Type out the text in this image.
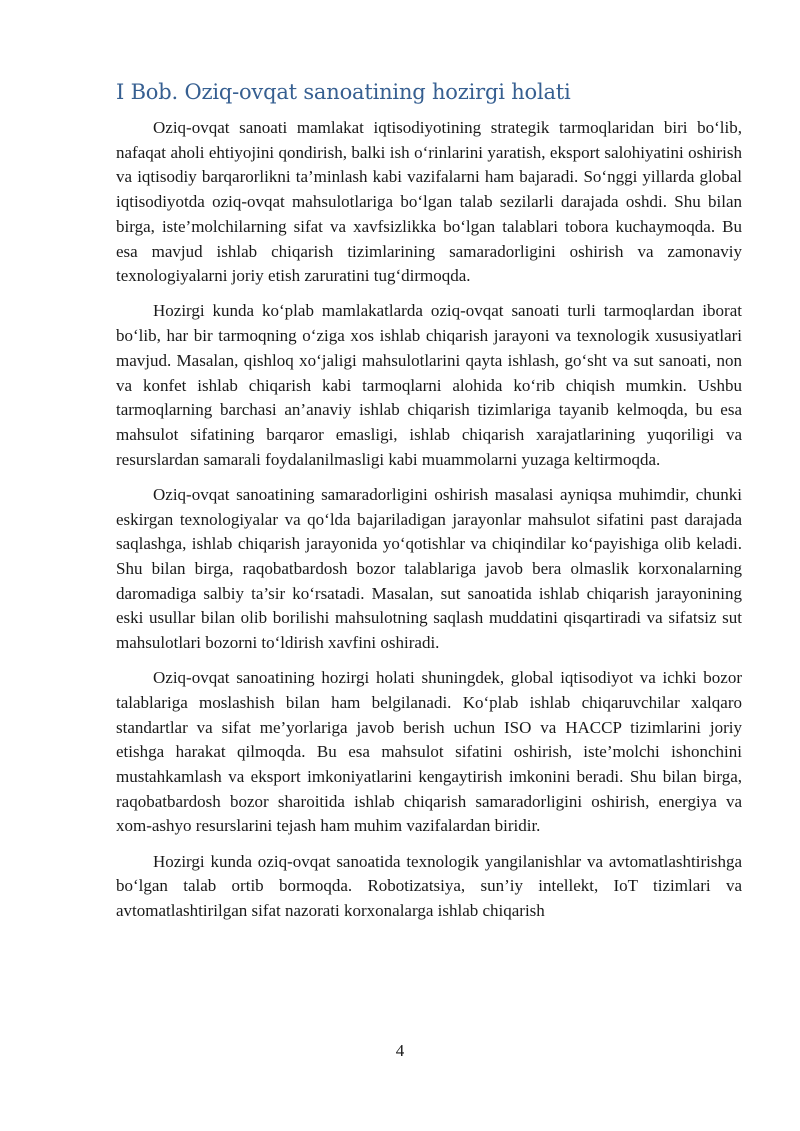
I Bob. Oziq-ovqat sanoatining hozirgi holati

Oziq-ovqat sanoati mamlakat iqtisodiyotining strategik tarmoqlaridan biri bo‘lib, nafaqat aholi ehtiyojini qondirish, balki ish o‘rinlarini yaratish, eksport salohiyatini oshirish va iqtisodiy barqarorlikni ta’minlash kabi vazifalarni ham bajaradi. So‘nggi yillarda global iqtisodiyotda oziq-ovqat mahsulotlariga bo‘lgan talab sezilarli darajada oshdi. Shu bilan birga, iste’molchilarning sifat va xavfsizlikka bo‘lgan talablari tobora kuchaymoqda. Bu esa mavjud ishlab chiqarish tizimlarining samaradorligini oshirish va zamonaviy texnologiyalarni joriy etish zaruratini tug‘dirmoqda.

Hozirgi kunda ko‘plab mamlakatlarda oziq-ovqat sanoati turli tarmoqlardan iborat bo‘lib, har bir tarmoqning o‘ziga xos ishlab chiqarish jarayoni va texnologik xususiyatlari mavjud. Masalan, qishloq xo‘jaligi mahsulotlarini qayta ishlash, go‘sht va sut sanoati, non va konfet ishlab chiqarish kabi tarmoqlarni alohida ko‘rib chiqish mumkin. Ushbu tarmoqlarning barchasi an’anaviy ishlab chiqarish tizimlariga tayanib kelmoqda, bu esa mahsulot sifatining barqaror emasligi, ishlab chiqarish xarajatlarining yuqoriligi va resurslardan samarali foydalanilmasligi kabi muammolarni yuzaga keltirmoqda.

Oziq-ovqat sanoatining samaradorligini oshirish masalasi ayniqsa muhimdir, chunki eskirgan texnologiyalar va qo‘lda bajariladigan jarayonlar mahsulot sifatini past darajada saqlashga, ishlab chiqarish jarayonida yo‘qotishlar va chiqindilar ko‘payishiga olib keladi. Shu bilan birga, raqobatbardosh bozor talablariga javob bera olmaslik korxonalarning daromadiga salbiy ta’sir ko‘rsatadi. Masalan, sut sanoatida ishlab chiqarish jarayonining eski usullar bilan olib borilishi mahsulotning saqlash muddatini qisqartiradi va sifatsiz sut mahsulotlari bozorni to‘ldirish xavfini oshiradi.

Oziq-ovqat sanoatining hozirgi holati shuningdek, global iqtisodiyot va ichki bozor talablariga moslashish bilan ham belgilanadi. Ko‘plab ishlab chiqaruvchilar xalqaro standartlar va sifat me’yorlariga javob berish uchun ISO va HACCP tizimlarini joriy etishga harakat qilmoqda. Bu esa mahsulot sifatini oshirish, iste’molchi ishonchini mustahkamlash va eksport imkoniyatlarini kengaytirish imkonini beradi. Shu bilan birga, raqobatbardosh bozor sharoitida ishlab chiqarish samaradorligini oshirish, energiya va xom-ashyo resurslarini tejash ham muhim vazifalardan biridir.

Hozirgi kunda oziq-ovqat sanoatida texnologik yangilanishlar va avtomatlashtirishga bo‘lgan talab ortib bormoqda. Robotizatsiya, sun’iy intellekt, IoT tizimlari va avtomatlashtirilgan sifat nazorati korxonalarga ishlab chiqarish

4
